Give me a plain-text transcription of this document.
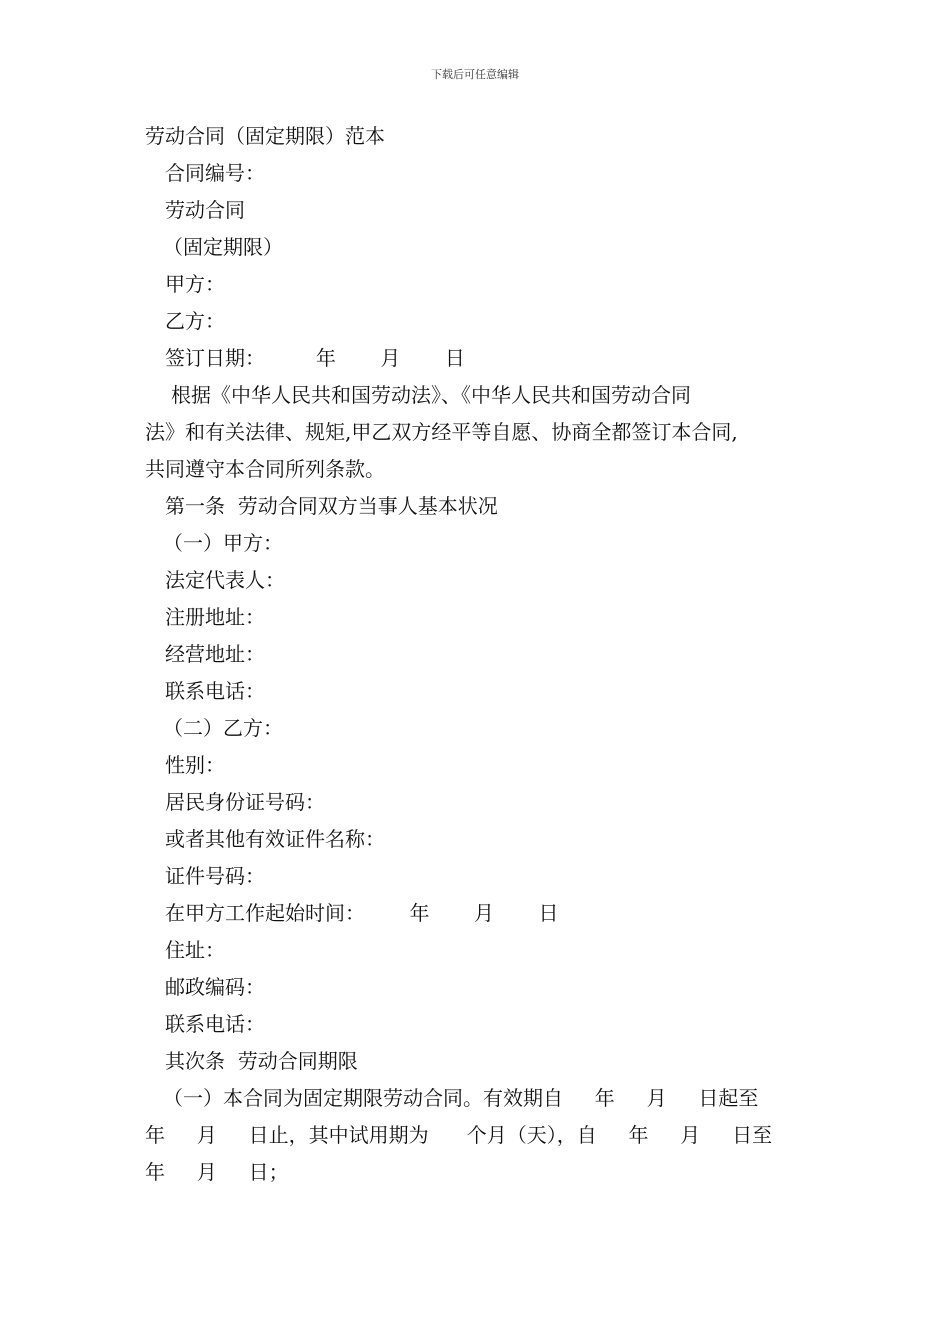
下载后可任意编辑

劳动合同（固定期限）范本

合同编号：

劳动合同

（固定期限）

甲方：

乙方：

签订日期：        年       月       日

根据《中华人民共和国劳动法》、《中华人民共和国劳动合同
法》和有关法律、规矩,甲乙双方经平等自愿、协商全都签订本合同,
共同遵守本合同所列条款。

第一条  劳动合同双方当事人基本状况

（一）甲方：

法定代表人：

注册地址：

经营地址：

联系电话：

（二）乙方：

性别：

居民身份证号码：

或者其他有效证件名称：

证件号码：

在甲方工作起始时间：       年       月       日

住址：

邮政编码：

联系电话：

其次条  劳动合同期限

（一）本合同为固定期限劳动合同。有效期自     年     月     日起至
年     月     日止，其中试用期为      个月（天），自     年     月     日至
年     月     日；
